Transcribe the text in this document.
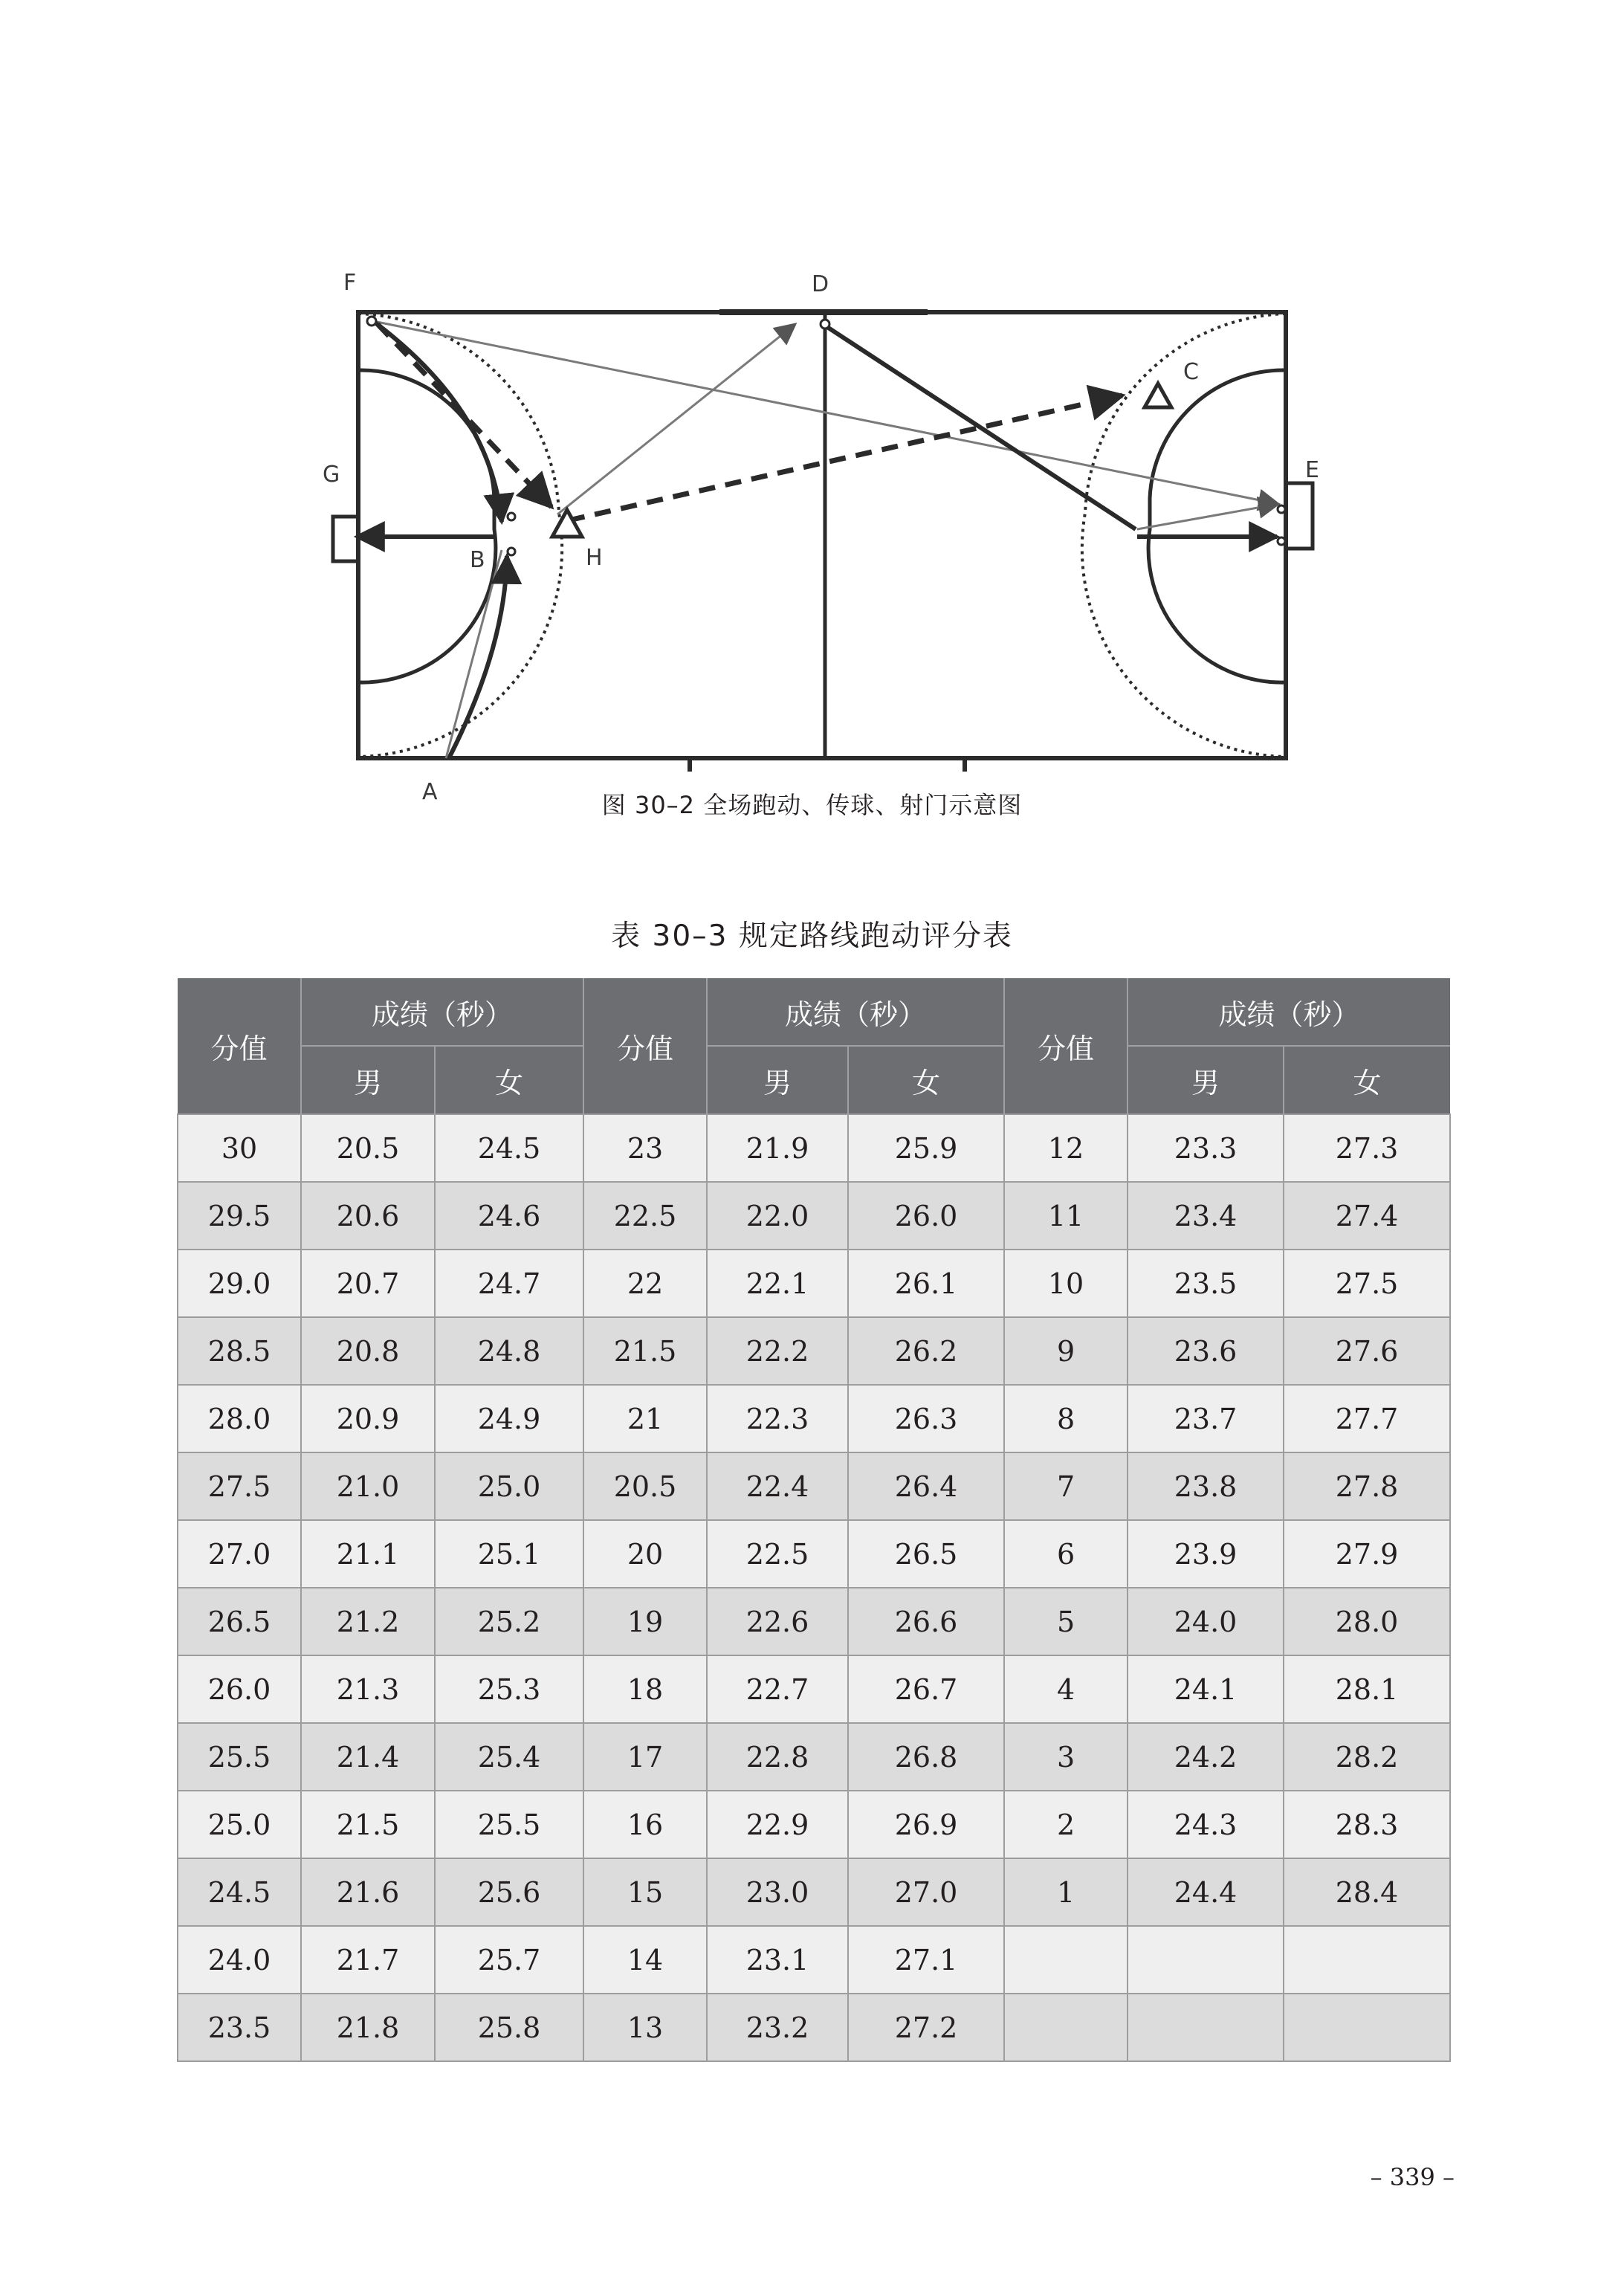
A
B
C
D
E
F
G
H
图 30–2 全场跑动、传球、射门示意图
表 30–3 规定路线跑动评分表
分值	成绩（秒）		分值	成绩（秒）		分值	成绩（秒）	
	男	女		男	女		男	女
30	20.5	24.5	23	21.9	25.9	12	23.3	27.3
29.5	20.6	24.6	22.5	22.0	26.0	11	23.4	27.4
29.0	20.7	24.7	22	22.1	26.1	10	23.5	27.5
28.5	20.8	24.8	21.5	22.2	26.2	9	23.6	27.6
28.0	20.9	24.9	21	22.3	26.3	8	23.7	27.7
27.5	21.0	25.0	20.5	22.4	26.4	7	23.8	27.8
27.0	21.1	25.1	20	22.5	26.5	6	23.9	27.9
26.5	21.2	25.2	19	22.6	26.6	5	24.0	28.0
26.0	21.3	25.3	18	22.7	26.7	4	24.1	28.1
25.5	21.4	25.4	17	22.8	26.8	3	24.2	28.2
25.0	21.5	25.5	16	22.9	26.9	2	24.3	28.3
24.5	21.6	25.6	15	23.0	27.0	1	24.4	28.4
24.0	21.7	25.7	14	23.1	27.1			
23.5	21.8	25.8	13	23.2	27.2			
– 339 –
